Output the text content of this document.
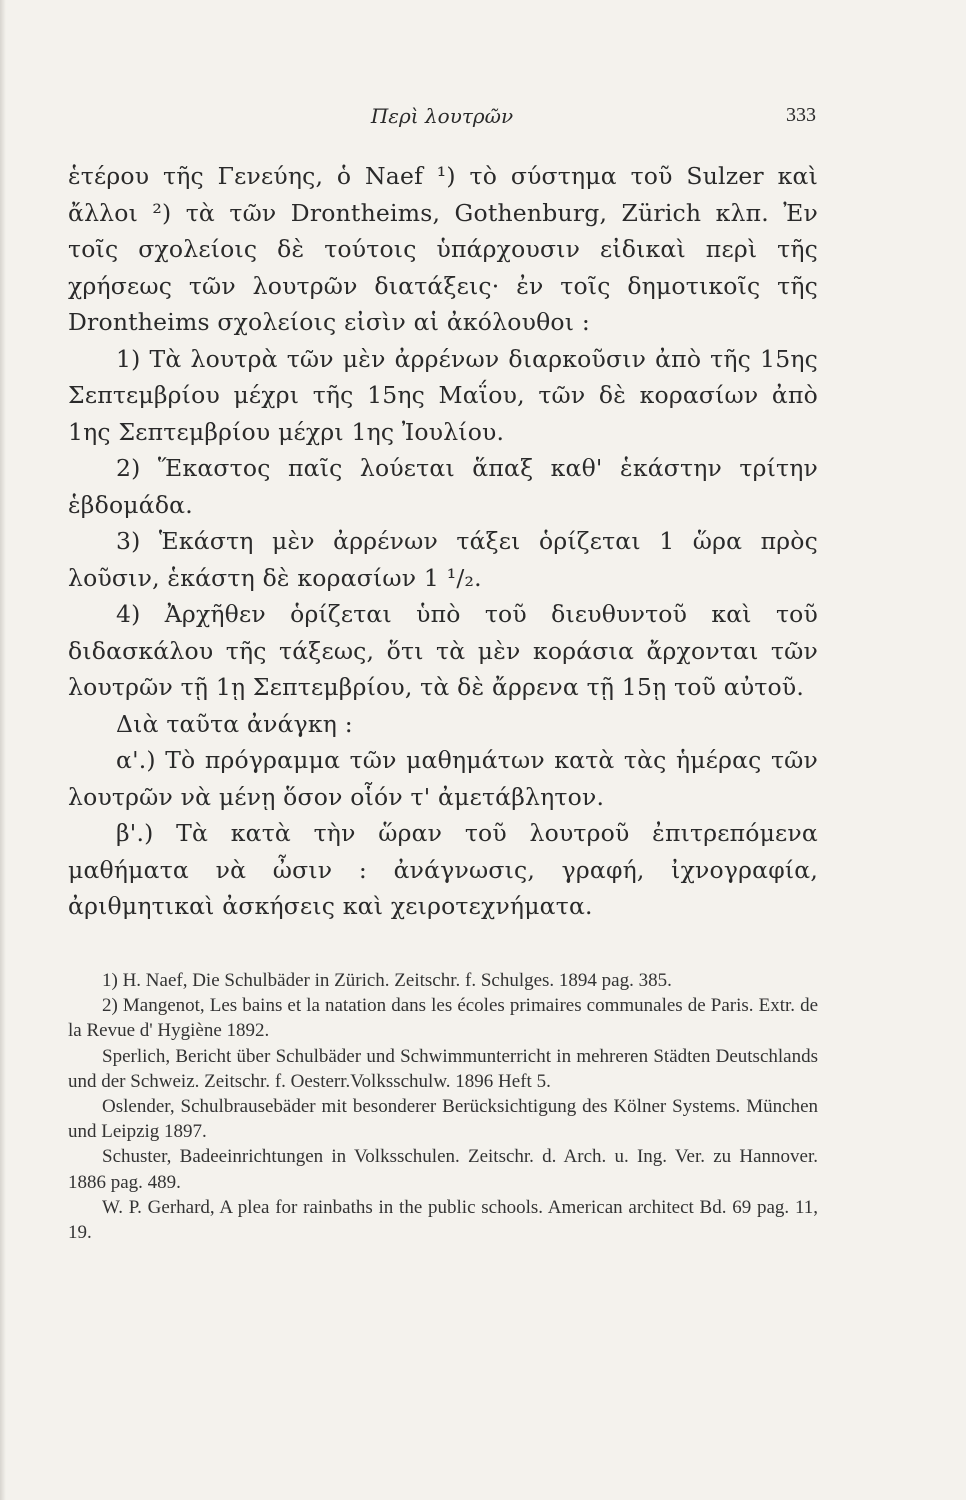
Περὶ λουτρῶν	333

ἑτέρου τῆς Γενεύης, ὁ Naef ¹) τὸ σύστημα τοῦ Sulzer καὶ ἄλλοι ²) τὰ τῶν Drontheims, Gothenburg, Zürich κλπ. Ἐν τοῖς σχολείοις δὲ τούτοις ὑπάρχουσιν εἰδικαὶ περὶ τῆς χρήσεως τῶν λουτρῶν διατάξεις· ἐν τοῖς δημοτικοῖς τῆς Drontheims σχολείοις εἰσὶν αἱ ἀκόλουθοι :

1) Τὰ λουτρὰ τῶν μὲν ἀρρένων διαρκοῦσιν ἀπὸ τῆς 15ης Σεπτεμβρίου μέχρι τῆς 15ης Μαΐου, τῶν δὲ κορασίων ἀπὸ 1ης Σεπτεμβρίου μέχρι 1ης Ἰουλίου.

2) Ἕκαστος παῖς λούεται ἅπαξ καθ' ἑκάστην τρίτην ἑβδομάδα.

3) Ἑκάστη μὲν ἀρρένων τάξει ὁρίζεται 1 ὥρα πρὸς λοῦσιν, ἑκάστη δὲ κορασίων 1 ¹/₂.

4) Ἀρχῆθεν ὁρίζεται ὑπὸ τοῦ διευθυντοῦ καὶ τοῦ διδασκάλου τῆς τάξεως, ὅτι τὰ μὲν κοράσια ἄρχονται τῶν λουτρῶν τῇ 1ῃ Σεπτεμβρίου, τὰ δὲ ἄρρενα τῇ 15ῃ τοῦ αὐτοῦ.

Διὰ ταῦτα ἀνάγκη :

α'.) Τὸ πρόγραμμα τῶν μαθημάτων κατὰ τὰς ἡμέρας τῶν λουτρῶν νὰ μένῃ ὅσον οἷόν τ' ἀμετάβλητον.

β'.) Τὰ κατὰ τὴν ὥραν τοῦ λουτροῦ ἐπιτρεπόμενα μαθήματα νὰ ὦσιν : ἀνάγνωσις, γραφή, ἰχνογραφία, ἀριθμητικαὶ ἀσκήσεις καὶ χειροτεχνήματα.

1) H. Naef, Die Schulbäder in Zürich. Zeitschr. f. Schulges. 1894 pag. 385.

2) Mangenot, Les bains et la natation dans les écoles primaires communales de Paris. Extr. de la Revue d' Hygiène 1892.

Sperlich, Bericht über Schulbäder und Schwimmunterricht in mehreren Städten Deutschlands und der Schweiz. Zeitschr. f. Oesterr.Volksschulw. 1896 Heft 5.

Oslender, Schulbrausebäder mit besonderer Berücksichtigung des Kölner Systems. München und Leipzig 1897.

Schuster, Badeeinrichtungen in Volksschulen. Zeitschr. d. Arch. u. Ing. Ver. zu Hannover. 1886 pag. 489.

W. P. Gerhard, A plea for rainbaths in the public schools. American architect Bd. 69 pag. 11, 19.
